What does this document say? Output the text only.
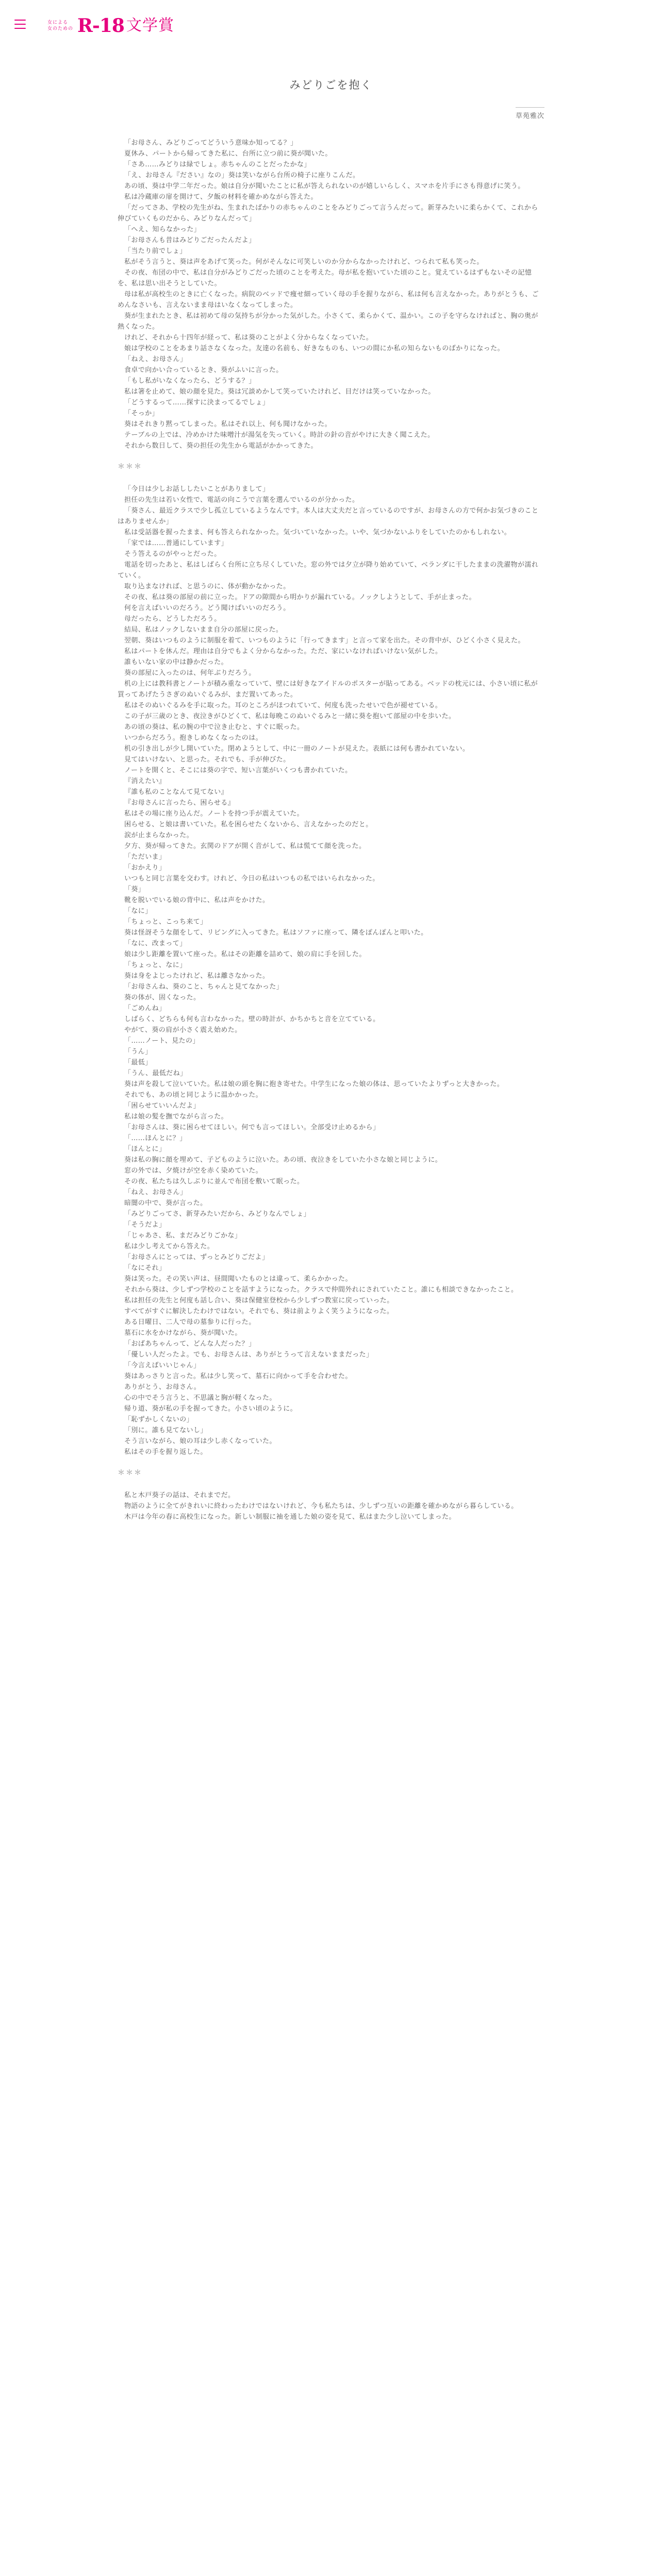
女による
女のための R-18 文学賞
みどりごを抱く
草苑雅次

「お母さん、みどりごってどういう意味か知ってる？」

夏休み、パートから帰ってきた私に、台所に立つ前に葵が聞いた。

「さあ……みどりは緑でしょ。赤ちゃんのことだったかな」

「え、お母さん『ださい』なの」葵は笑いながら台所の椅子に座りこんだ。

あの頃、葵は中学二年だった。娘は自分が聞いたことに私が答えられないのが嬉しいらしく、スマホを片手にさも得意げに笑う。

私は冷蔵庫の扉を開けて、夕飯の材料を確かめながら答えた。

「だってさあ、学校の先生がね、生まれたばかりの赤ちゃんのことをみどりごって言うんだって。新芽みたいに柔らかくて、これから伸びていくものだから、みどりなんだって」

「へえ、知らなかった」

「お母さんも昔はみどりごだったんだよ」

「当たり前でしょ」

私がそう言うと、葵は声をあげて笑った。何がそんなに可笑しいのか分からなかったけれど、つられて私も笑った。

その夜、布団の中で、私は自分がみどりごだった頃のことを考えた。母が私を抱いていた頃のこと。覚えているはずもないその記憶を、私は思い出そうとしていた。

母は私が高校生のときに亡くなった。病院のベッドで痩せ細っていく母の手を握りながら、私は何も言えなかった。ありがとうも、ごめんなさいも、言えないまま母はいなくなってしまった。

葵が生まれたとき、私は初めて母の気持ちが分かった気がした。小さくて、柔らかくて、温かい。この子を守らなければと、胸の奥が熱くなった。

けれど、それから十四年が経って、私は葵のことがよく分からなくなっていた。

娘は学校のことをあまり話さなくなった。友達の名前も、好きなものも、いつの間にか私の知らないものばかりになった。

「ねえ、お母さん」

食卓で向かい合っているとき、葵がふいに言った。

「もし私がいなくなったら、どうする？」

私は箸を止めて、娘の顔を見た。葵は冗談めかして笑っていたけれど、目だけは笑っていなかった。

「どうするって……探すに決まってるでしょ」

「そっか」

葵はそれきり黙ってしまった。私はそれ以上、何も聞けなかった。

テーブルの上では、冷めかけた味噌汁が湯気を失っていく。時計の針の音がやけに大きく聞こえた。

それから数日して、葵の担任の先生から電話がかかってきた。

＊＊＊

「今日は少しお話ししたいことがありまして」

担任の先生は若い女性で、電話の向こうで言葉を選んでいるのが分かった。

「葵さん、最近クラスで少し孤立しているようなんです。本人は大丈夫だと言っているのですが、お母さんの方で何かお気づきのことはありませんか」

私は受話器を握ったまま、何も答えられなかった。気づいていなかった。いや、気づかないふりをしていたのかもしれない。

「家では……普通にしています」

そう答えるのがやっとだった。

電話を切ったあと、私はしばらく台所に立ち尽くしていた。窓の外では夕立が降り始めていて、ベランダに干したままの洗濯物が濡れていく。

取り込まなければ、と思うのに、体が動かなかった。

その夜、私は葵の部屋の前に立った。ドアの隙間から明かりが漏れている。ノックしようとして、手が止まった。

何を言えばいいのだろう。どう聞けばいいのだろう。

母だったら、どうしただろう。

結局、私はノックしないまま自分の部屋に戻った。

翌朝、葵はいつものように制服を着て、いつものように「行ってきます」と言って家を出た。その背中が、ひどく小さく見えた。

私はパートを休んだ。理由は自分でもよく分からなかった。ただ、家にいなければいけない気がした。

誰もいない家の中は静かだった。

葵の部屋に入ったのは、何年ぶりだろう。

机の上には教科書とノートが積み重なっていて、壁には好きなアイドルのポスターが貼ってある。ベッドの枕元には、小さい頃に私が買ってあげたうさぎのぬいぐるみが、まだ置いてあった。

私はそのぬいぐるみを手に取った。耳のところがほつれていて、何度も洗ったせいで色が褪せている。

この子が三歳のとき、夜泣きがひどくて、私は毎晩このぬいぐるみと一緒に葵を抱いて部屋の中を歩いた。

あの頃の葵は、私の腕の中で泣き止むと、すぐに眠った。

いつからだろう。抱きしめなくなったのは。

机の引き出しが少し開いていた。閉めようとして、中に一冊のノートが見えた。表紙には何も書かれていない。

見てはいけない、と思った。それでも、手が伸びた。

ノートを開くと、そこには葵の字で、短い言葉がいくつも書かれていた。

『消えたい』

『誰も私のことなんて見てない』

『お母さんに言ったら、困らせる』

私はその場に座り込んだ。ノートを持つ手が震えていた。

困らせる、と娘は書いていた。私を困らせたくないから、言えなかったのだと。

涙が止まらなかった。

夕方、葵が帰ってきた。玄関のドアが開く音がして、私は慌てて顔を洗った。

「ただいま」

「おかえり」

いつもと同じ言葉を交わす。けれど、今日の私はいつもの私ではいられなかった。

「葵」

靴を脱いでいる娘の背中に、私は声をかけた。

「なに」

「ちょっと、こっち来て」

葵は怪訝そうな顔をして、リビングに入ってきた。私はソファに座って、隣をぽんぽんと叩いた。

「なに、改まって」

娘は少し距離を置いて座った。私はその距離を詰めて、娘の肩に手を回した。

「ちょっと、なに」

葵は身をよじったけれど、私は離さなかった。

「お母さんね、葵のこと、ちゃんと見てなかった」

葵の体が、固くなった。

「ごめんね」

しばらく、どちらも何も言わなかった。壁の時計が、かちかちと音を立てている。

やがて、葵の肩が小さく震え始めた。

「……ノート、見たの」

「うん」

「最低」

「うん、最低だね」

葵は声を殺して泣いていた。私は娘の頭を胸に抱き寄せた。中学生になった娘の体は、思っていたよりずっと大きかった。

それでも、あの頃と同じように温かかった。

「困らせていいんだよ」

私は娘の髪を撫でながら言った。

「お母さんは、葵に困らせてほしい。何でも言ってほしい。全部受け止めるから」

「……ほんとに？」

「ほんとに」

葵は私の胸に顔を埋めて、子どものように泣いた。あの頃、夜泣きをしていた小さな娘と同じように。

窓の外では、夕焼けが空を赤く染めていた。

その夜、私たちは久しぶりに並んで布団を敷いて眠った。

「ねえ、お母さん」

暗闇の中で、葵が言った。

「みどりごってさ、新芽みたいだから、みどりなんでしょ」

「そうだよ」

「じゃあさ、私、まだみどりごかな」

私は少し考えてから答えた。

「お母さんにとっては、ずっとみどりごだよ」

「なにそれ」

葵は笑った。その笑い声は、昼間聞いたものとは違って、柔らかかった。

それから葵は、少しずつ学校のことを話すようになった。クラスで仲間外れにされていたこと。誰にも相談できなかったこと。

私は担任の先生と何度も話し合い、葵は保健室登校から少しずつ教室に戻っていった。

すべてがすぐに解決したわけではない。それでも、葵は前よりよく笑うようになった。

ある日曜日、二人で母の墓参りに行った。

墓石に水をかけながら、葵が聞いた。

「おばあちゃんって、どんな人だった？」

「優しい人だったよ。でも、お母さんは、ありがとうって言えないままだった」

「今言えばいいじゃん」

葵はあっさりと言った。私は少し笑って、墓石に向かって手を合わせた。

ありがとう、お母さん。

心の中でそう言うと、不思議と胸が軽くなった。

帰り道、葵が私の手を握ってきた。小さい頃のように。

「恥ずかしくないの」

「別に。誰も見てないし」

そう言いながら、娘の耳は少し赤くなっていた。

私はその手を握り返した。

＊＊＊

私と木戸葵子の話は、それまでだ。

物語のように全てがきれいに終わったわけではないけれど、今も私たちは、少しずつ互いの距離を確かめながら暮らしている。

木戸は今年の春に高校生になった。新しい制服に袖を通した娘の姿を見て、私はまた少し泣いてしまった。
